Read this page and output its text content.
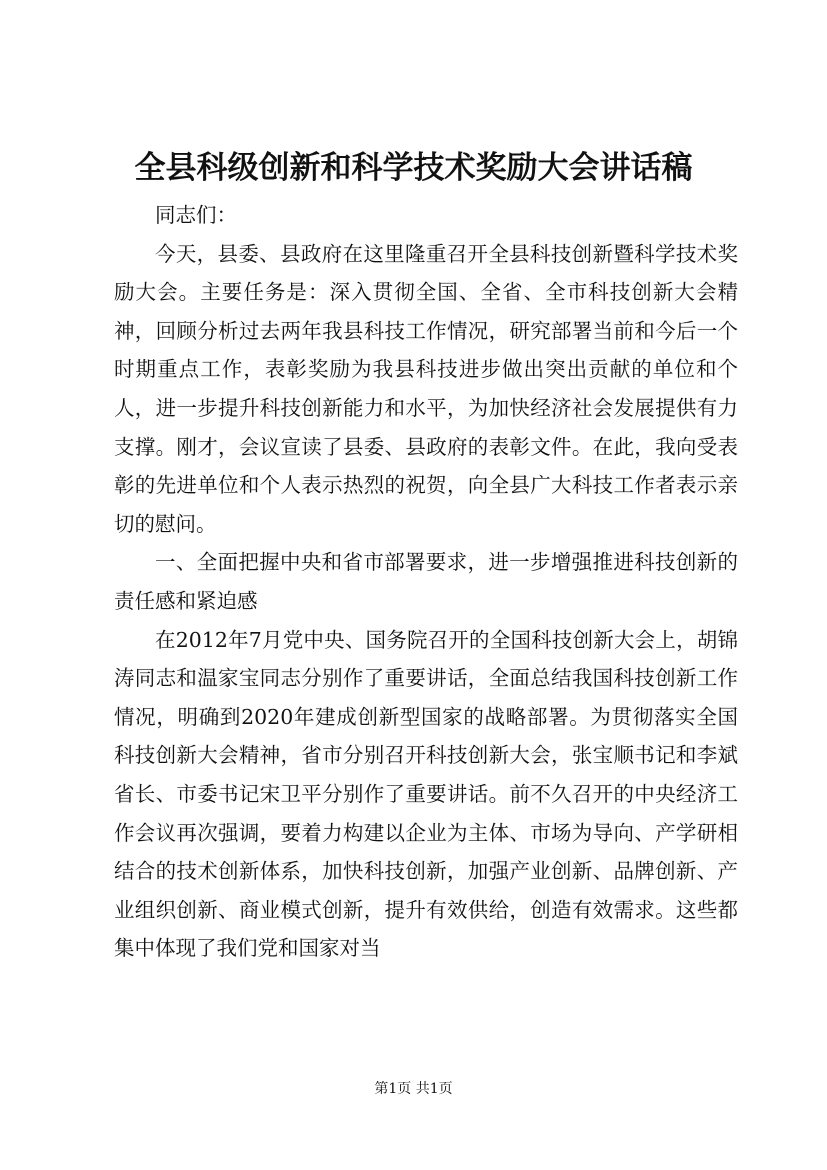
全县科级创新和科学技术奖励大会讲话稿

同志们：

今天，县委、县政府在这里隆重召开全县科技创新暨科学技术奖励大会。主要任务是：深入贯彻全国、全省、全市科技创新大会精神，回顾分析过去两年我县科技工作情况，研究部署当前和今后一个时期重点工作，表彰奖励为我县科技进步做出突出贡献的单位和个人，进一步提升科技创新能力和水平，为加快经济社会发展提供有力支撑。刚才，会议宣读了县委、县政府的表彰文件。在此，我向受表彰的先进单位和个人表示热烈的祝贺，向全县广大科技工作者表示亲切的慰问。

一、全面把握中央和省市部署要求，进一步增强推进科技创新的责任感和紧迫感

在2012年7月党中央、国务院召开的全国科技创新大会上，胡锦涛同志和温家宝同志分别作了重要讲话，全面总结我国科技创新工作情况，明确到2020年建成创新型国家的战略部署。为贯彻落实全国科技创新大会精神，省市分别召开科技创新大会，张宝顺书记和李斌省长、市委书记宋卫平分别作了重要讲话。前不久召开的中央经济工作会议再次强调，要着力构建以企业为主体、市场为导向、产学研相结合的技术创新体系，加快科技创新，加强产业创新、品牌创新、产业组织创新、商业模式创新，提升有效供给，创造有效需求。这些都集中体现了我们党和国家对当

第1页 共1页
